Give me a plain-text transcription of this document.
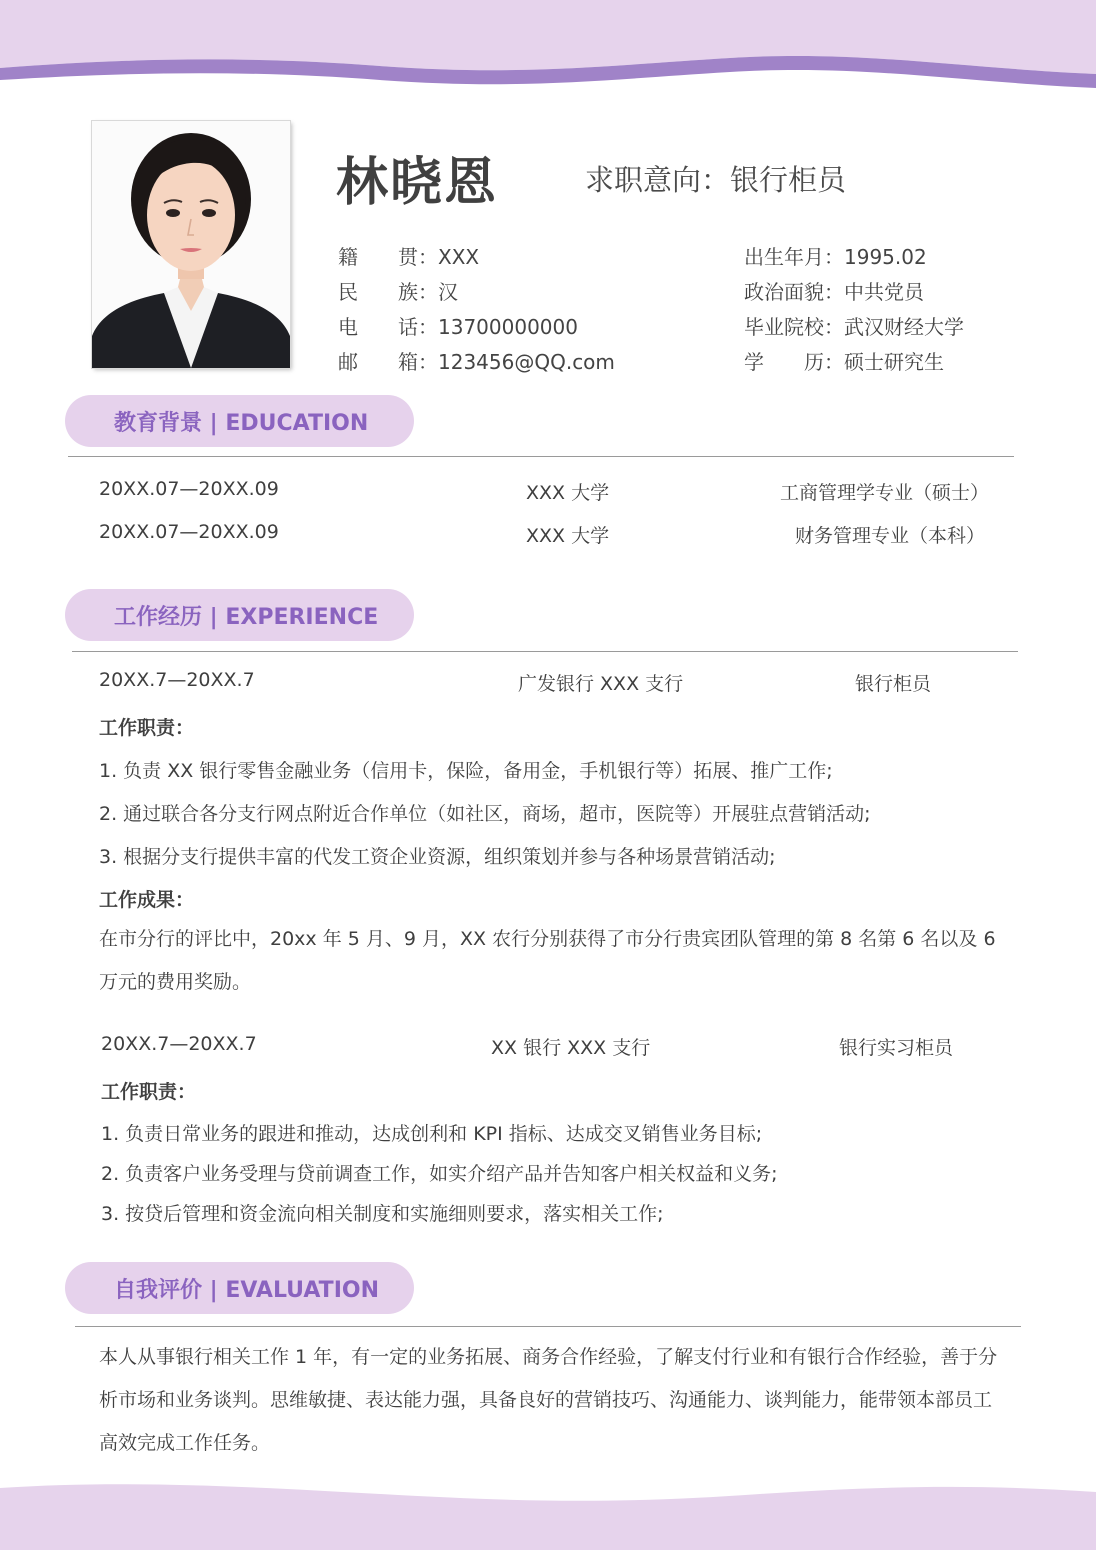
林晓恩	求职意向：银行柜员
籍 贯： XXX
民 族： 汉
电 话： 13700000000
邮 箱： 123456@QQ.com
出生年月： 1995.02
政治面貌： 中共党员
毕业院校： 武汉财经大学
学 历： 硕士研究生
教育背景 | EDUCATION
20XX.07—20XX.09	XXX 大学	工商管理学专业（硕士）
20XX.07—20XX.09	XXX 大学	财务管理专业（本科）
工作经历 | EXPERIENCE
20XX.7—20XX.7	广发银行 XXX 支行	银行柜员
工作职责：
1. 负责 XX 银行零售金融业务（信用卡，保险，备用金，手机银行等）拓展、推广工作;
2. 通过联合各分支行网点附近合作单位（如社区，商场，超市，医院等）开展驻点营销活动;
3. 根据分支行提供丰富的代发工资企业资源，组织策划并参与各种场景营销活动;
工作成果：
在市分行的评比中，20xx 年 5 月、9 月，XX 农行分别获得了市分行贵宾团队管理的第 8 名第 6 名以及 6 万元的费用奖励。
20XX.7—20XX.7	XX 银行 XXX 支行	银行实习柜员
工作职责：
1. 负责日常业务的跟进和推动，达成创利和 KPI 指标、达成交叉销售业务目标;
2. 负责客户业务受理与贷前调查工作，如实介绍产品并告知客户相关权益和义务;
3. 按贷后管理和资金流向相关制度和实施细则要求，落实相关工作;
自我评价 | EVALUATION
本人从事银行相关工作 1 年，有一定的业务拓展、商务合作经验，了解支付行业和有银行合作经验，善于分析市场和业务谈判。思维敏捷、表达能力强，具备良好的营销技巧、沟通能力、谈判能力，能带领本部员工高效完成工作任务。
